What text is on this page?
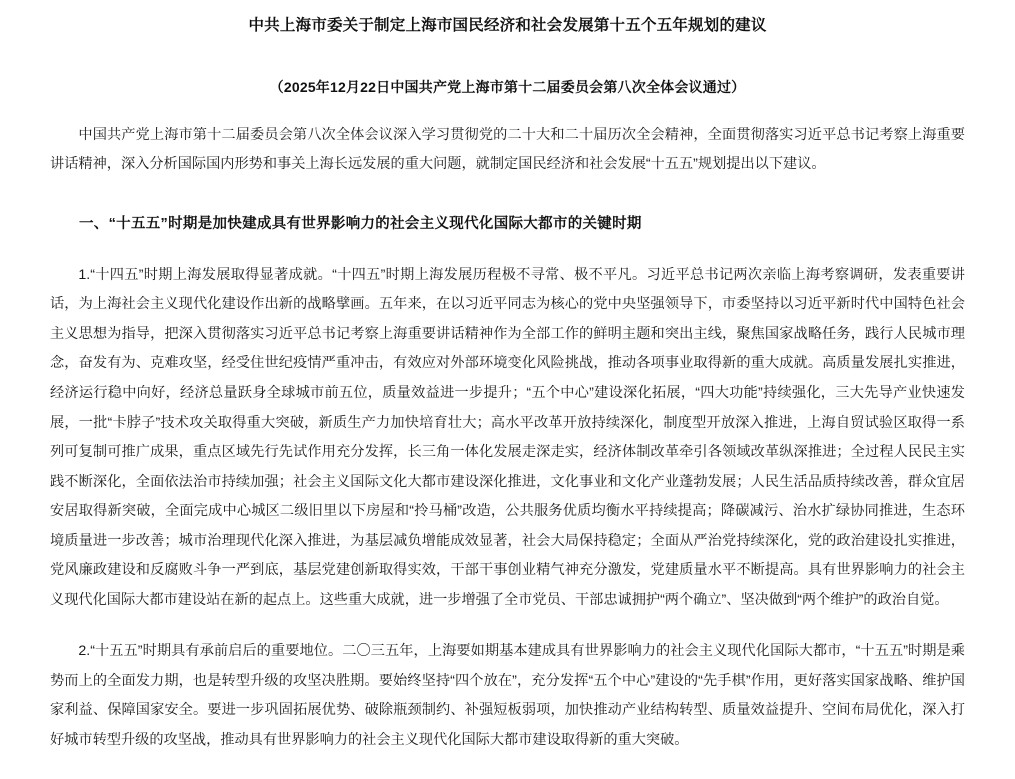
中共上海市委关于制定上海市国民经济和社会发展第十五个五年规划的建议
（2025年12月22日中国共产党上海市第十二届委员会第八次全体会议通过）

中国共产党上海市第十二届委员会第八次全体会议深入学习贯彻党的二十大和二十届历次全会精神，全面贯彻落实习近平总书记考察上海重要讲话精神，深入分析国际国内形势和事关上海长远发展的重大问题，就制定国民经济和社会发展“十五五”规划提出以下建议。

一、“十五五”时期是加快建成具有世界影响力的社会主义现代化国际大都市的关键时期

1.“十四五”时期上海发展取得显著成就。“十四五”时期上海发展历程极不寻常、极不平凡。习近平总书记两次亲临上海考察调研，发表重要讲话，为上海社会主义现代化建设作出新的战略擘画。五年来，在以习近平同志为核心的党中央坚强领导下，市委坚持以习近平新时代中国特色社会主义思想为指导，把深入贯彻落实习近平总书记考察上海重要讲话精神作为全部工作的鲜明主题和突出主线，聚焦国家战略任务，践行人民城市理念，奋发有为、克难攻坚，经受住世纪疫情严重冲击，有效应对外部环境变化风险挑战，推动各项事业取得新的重大成就。高质量发展扎实推进，经济运行稳中向好，经济总量跃身全球城市前五位，质量效益进一步提升；“五个中心”建设深化拓展，“四大功能”持续强化，三大先导产业快速发展，一批“卡脖子”技术攻关取得重大突破，新质生产力加快培育壮大；高水平改革开放持续深化，制度型开放深入推进，上海自贸试验区取得一系列可复制可推广成果，重点区域先行先试作用充分发挥，长三角一体化发展走深走实，经济体制改革牵引各领域改革纵深推进；全过程人民民主实践不断深化，全面依法治市持续加强；社会主义国际文化大都市建设深化推进，文化事业和文化产业蓬勃发展；人民生活品质持续改善，群众宜居安居取得新突破，全面完成中心城区二级旧里以下房屋和“拎马桶”改造，公共服务优质均衡水平持续提高；降碳减污、治水扩绿协同推进，生态环境质量进一步改善；城市治理现代化深入推进，为基层减负增能成效显著，社会大局保持稳定；全面从严治党持续深化，党的政治建设扎实推进，党风廉政建设和反腐败斗争一严到底，基层党建创新取得实效，干部干事创业精气神充分激发，党建质量水平不断提高。具有世界影响力的社会主义现代化国际大都市建设站在新的起点上。这些重大成就，进一步增强了全市党员、干部忠诚拥护“两个确立”、坚决做到“两个维护”的政治自觉。

2.“十五五”时期具有承前启后的重要地位。二〇三五年，上海要如期基本建成具有世界影响力的社会主义现代化国际大都市，“十五五”时期是乘势而上的全面发力期，也是转型升级的攻坚决胜期。要始终坚持“四个放在”，充分发挥“五个中心”建设的“先手棋”作用，更好落实国家战略、维护国家利益、保障国家安全。要进一步巩固拓展优势、破除瓶颈制约、补强短板弱项，加快推动产业结构转型、质量效益提升、空间布局优化，深入打好城市转型升级的攻坚战，推动具有世界影响力的社会主义现代化国际大都市建设取得新的重大突破。
